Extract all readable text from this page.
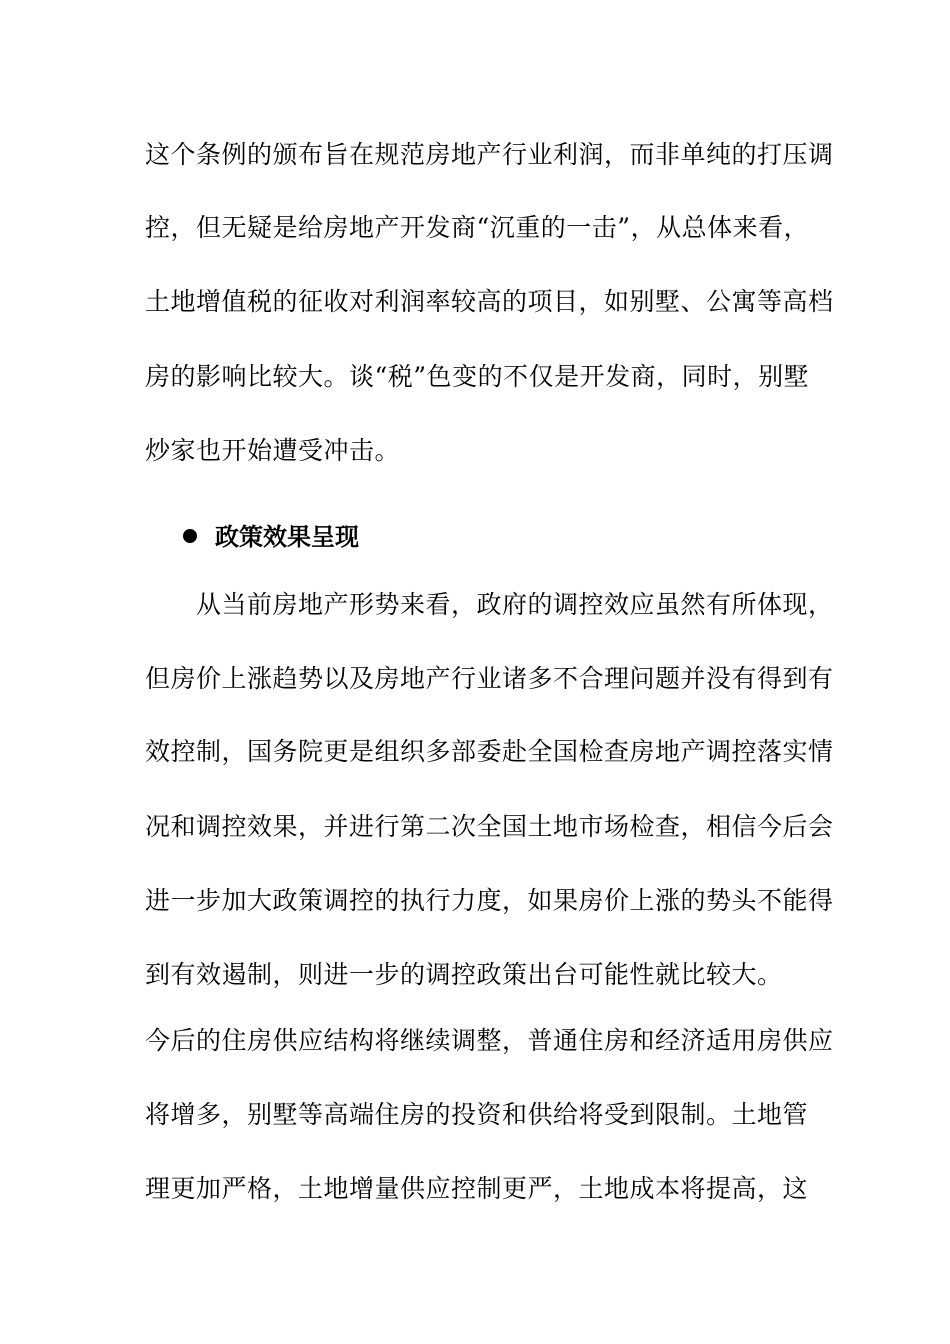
这个条例的颁布旨在规范房地产行业利润，而非单纯的打压调
控，但无疑是给房地产开发商“沉重的一击”，从总体来看，
土地增值税的征收对利润率较高的项目，如别墅、公寓等高档
房的影响比较大。谈“税”色变的不仅是开发商，同时，别墅
炒家也开始遭受冲击。
政策效果呈现
从当前房地产形势来看，政府的调控效应虽然有所体现，
但房价上涨趋势以及房地产行业诸多不合理问题并没有得到有
效控制，国务院更是组织多部委赴全国检查房地产调控落实情
况和调控效果，并进行第二次全国土地市场检查，相信今后会
进一步加大政策调控的执行力度，如果房价上涨的势头不能得
到有效遏制，则进一步的调控政策出台可能性就比较大。
今后的住房供应结构将继续调整，普通住房和经济适用房供应
将增多，别墅等高端住房的投资和供给将受到限制。土地管
理更加严格，土地增量供应控制更严，土地成本将提高，这
